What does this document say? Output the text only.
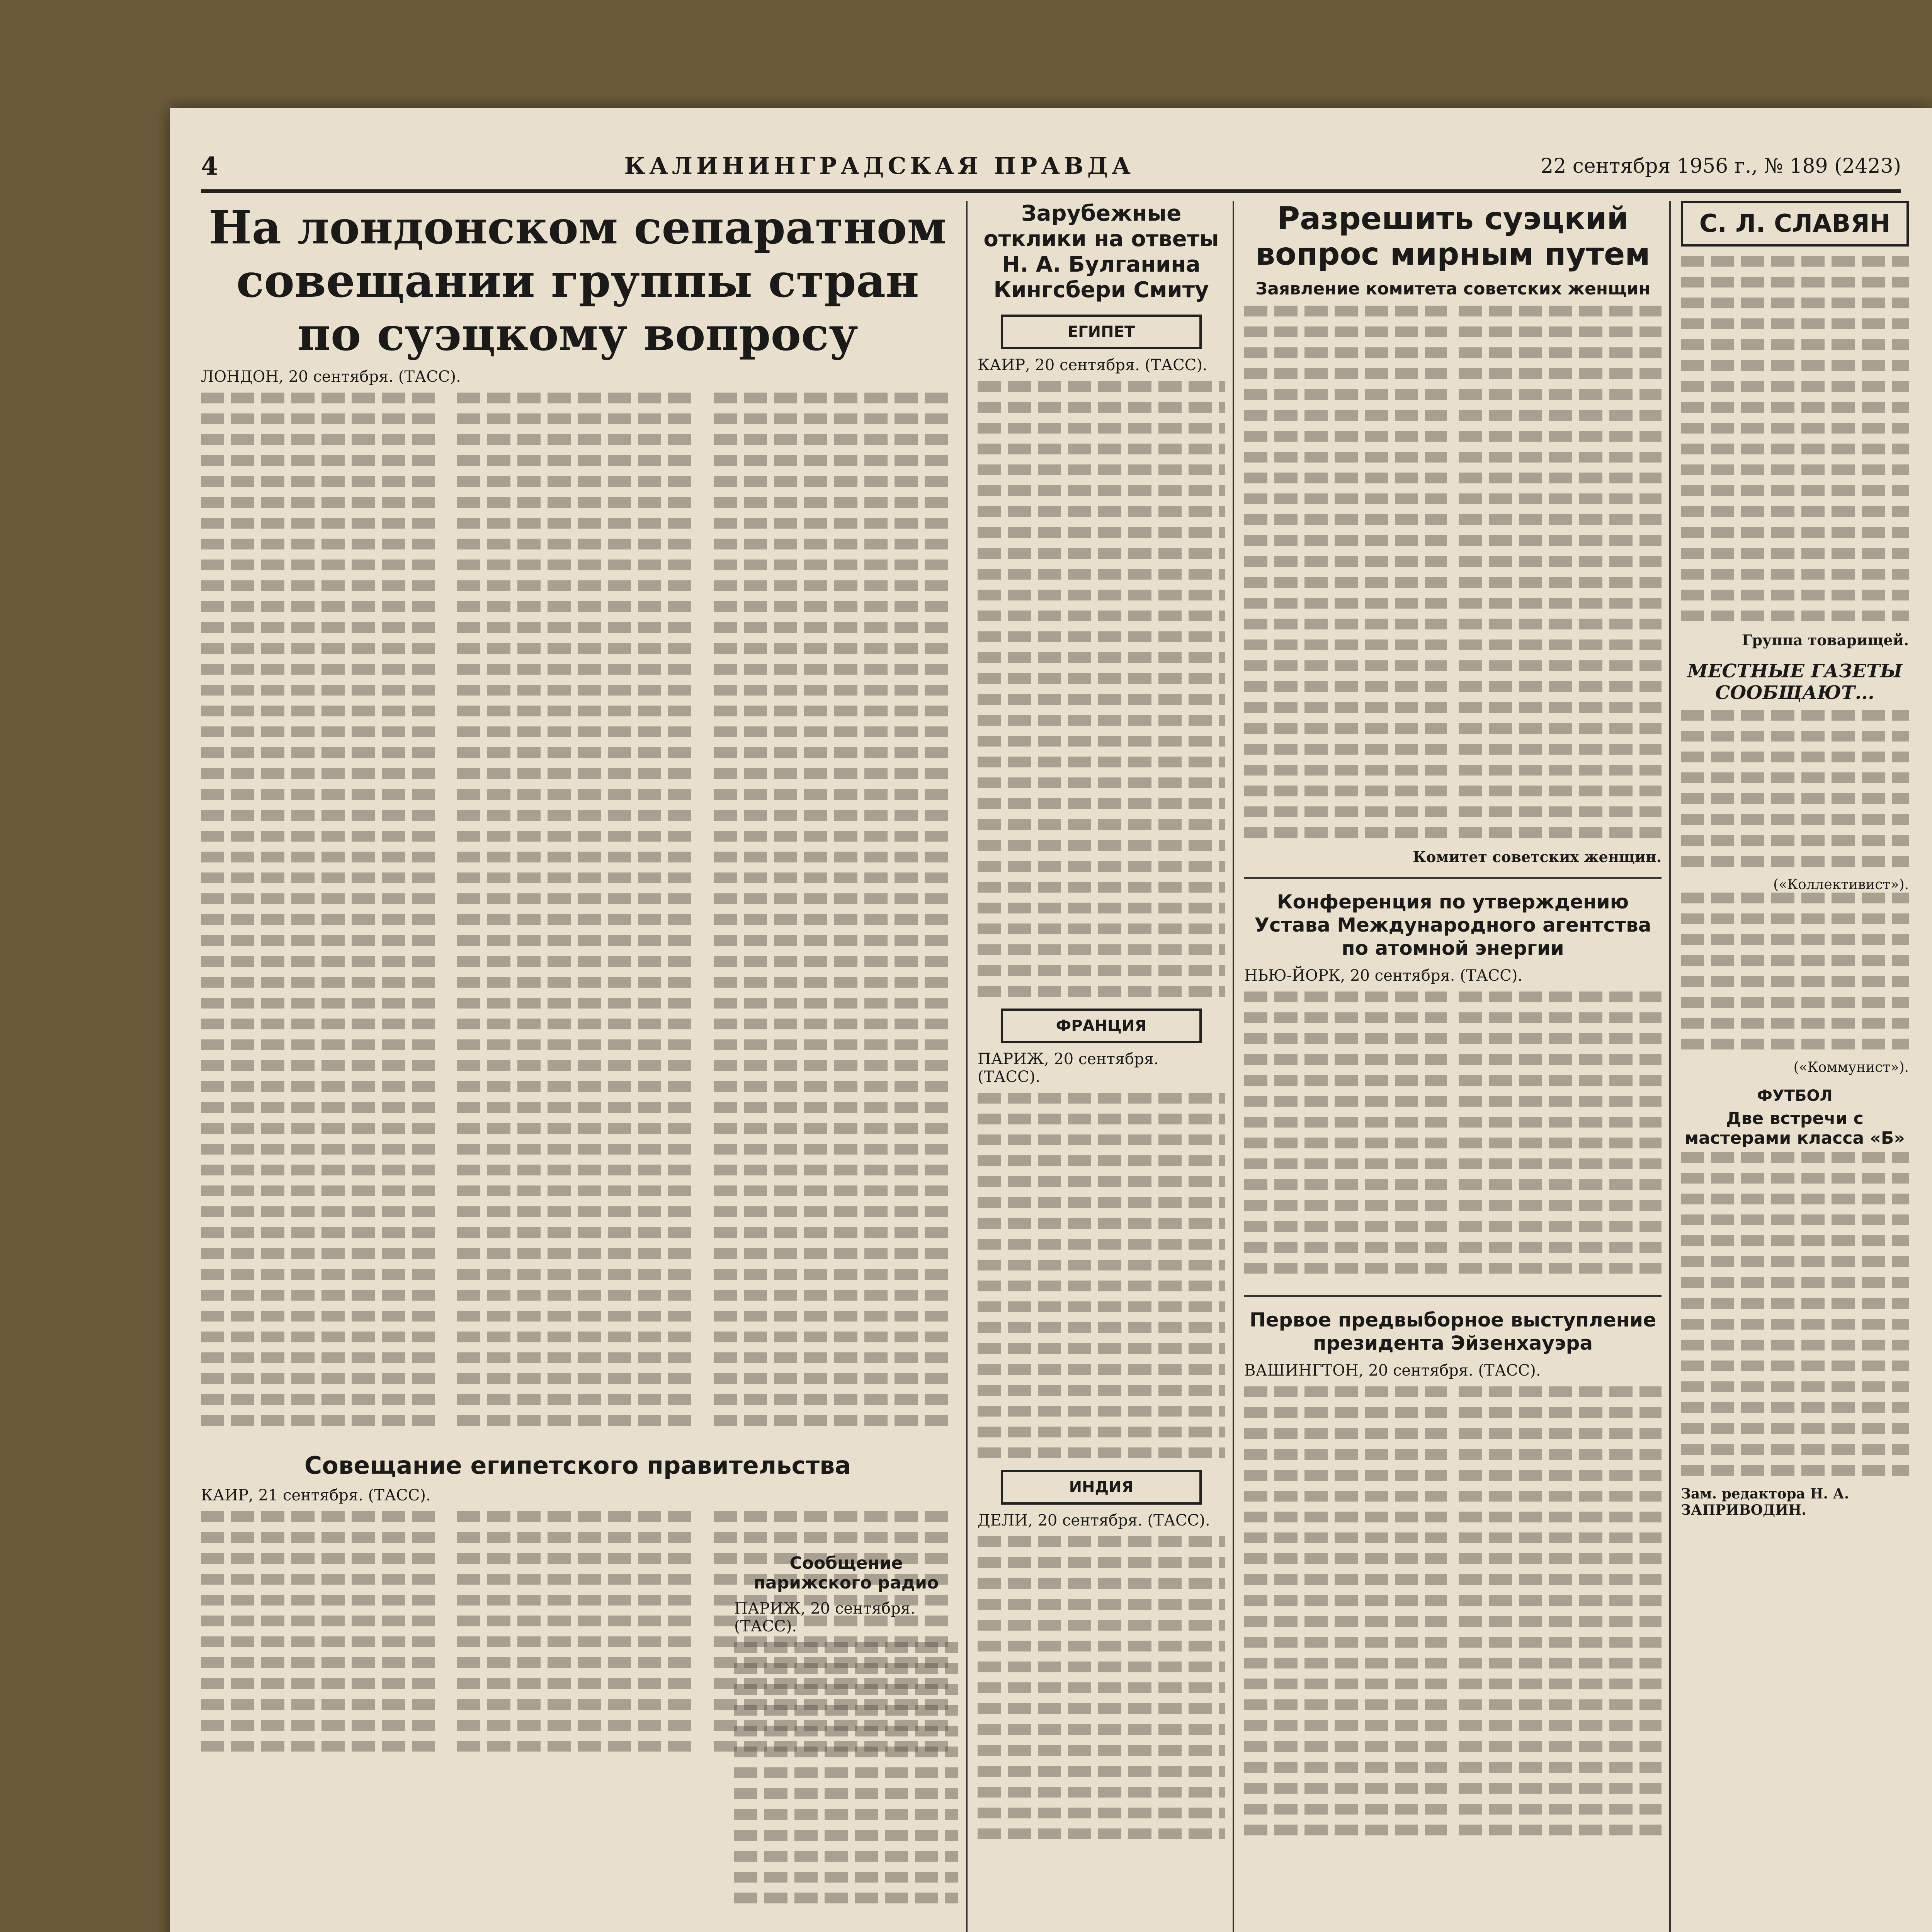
4	КАЛИНИНГРАДСКАЯ ПРАВДА	22 сентября 1956 г., № 189 (2423)
На лондонском сепаратном совещании группы стран по суэцкому вопросу
ЛОНДОН, 20 сентября. (ТАСС).
Совещание египетского правительства
КАИР, 21 сентября. (ТАСС).
Зарубежные отклики на ответы Н. А. Булганина Кингсбери Смиту
ЕГИПЕТ
КАИР, 20 сентября. (ТАСС).
ФРАНЦИЯ
ПАРИЖ, 20 сентября. (ТАСС).
ИНДИЯ
ДЕЛИ, 20 сентября. (ТАСС).
Сообщение парижского радио
ПАРИЖ, 20 сентября. (ТАСС).
Разрешить суэцкий вопрос мирным путем
Заявление комитета советских женщин
Комитет советских женщин.
Конференция по утверждению Устава Международного агентства по атомной энергии
НЬЮ-ЙОРК, 20 сентября. (ТАСС).
Первое предвыборное выступление президента Эйзенхауэра
ВАШИНГТОН, 20 сентября. (ТАСС).
С. Л. СЛАВЯН
Группа товарищей.
МЕСТНЫЕ ГАЗЕТЫ СООБЩАЮТ...
(«Коллективист»).
(«Коммунист»).
ФУТБОЛ
Две встречи с мастерами класса «Б»
Зам. редактора Н. А. ЗАПРИВОДИН.
